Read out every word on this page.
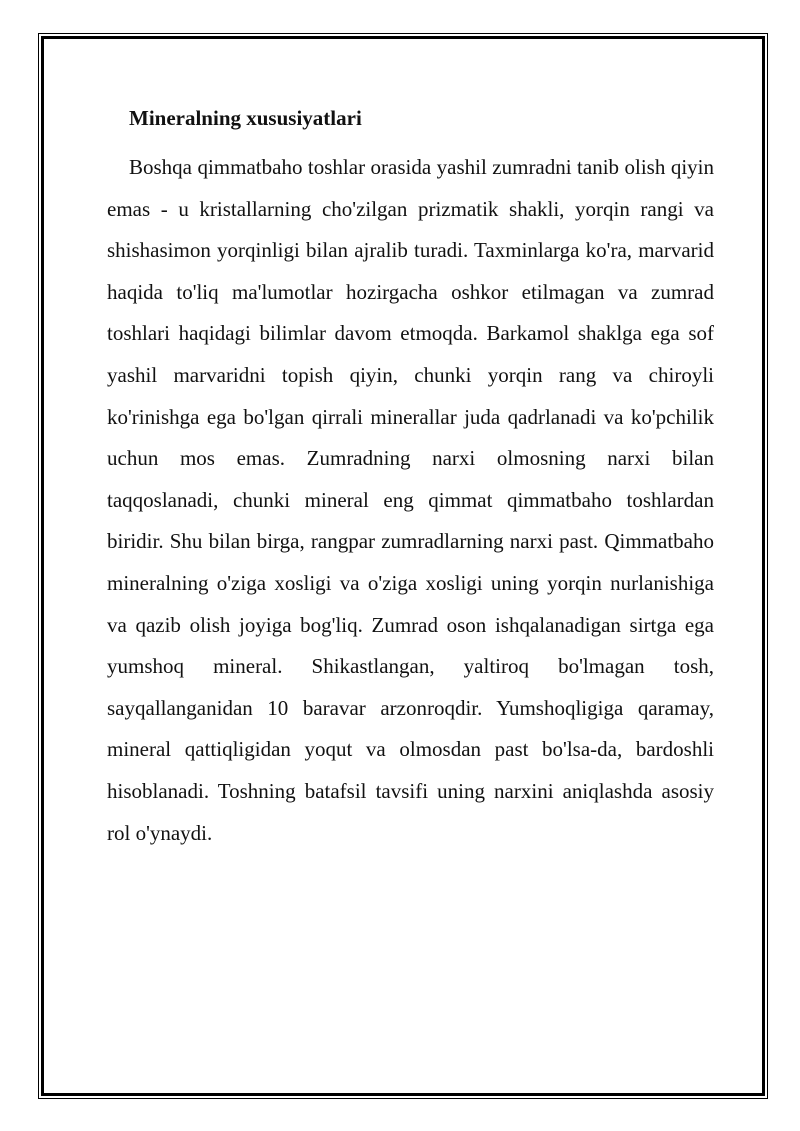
Mineralning xususiyatlari

Boshqa qimmatbaho toshlar orasida yashil zumradni tanib olish qiyin emas - u kristallarning cho'zilgan prizmatik shakli, yorqin rangi va shishasimon yorqinligi bilan ajralib turadi. Taxminlarga ko'ra, marvarid haqida to'liq ma'lumotlar hozirgacha oshkor etilmagan va zumrad toshlari haqidagi bilimlar davom etmoqda. Barkamol shaklga ega sof yashil marvaridni topish qiyin, chunki yorqin rang va chiroyli ko'rinishga ega bo'lgan qirrali minerallar juda qadrlanadi va ko'pchilik uchun mos emas. Zumradning narxi olmosning narxi bilan taqqoslanadi, chunki mineral eng qimmat qimmatbaho toshlardan biridir. Shu bilan birga, rangpar zumradlarning narxi past. Qimmatbaho mineralning o'ziga xosligi va o'ziga xosligi uning yorqin nurlanishiga va qazib olish joyiga bog'liq. Zumrad oson ishqalanadigan sirtga ega yumshoq mineral. Shikastlangan, yaltiroq bo'lmagan tosh, sayqallanganidan 10 baravar arzonroqdir. Yumshoqligiga qaramay, mineral qattiqligidan yoqut va olmosdan past bo'lsa-da, bardoshli hisoblanadi. Toshning batafsil tavsifi uning narxini aniqlashda asosiy rol o'ynaydi.
